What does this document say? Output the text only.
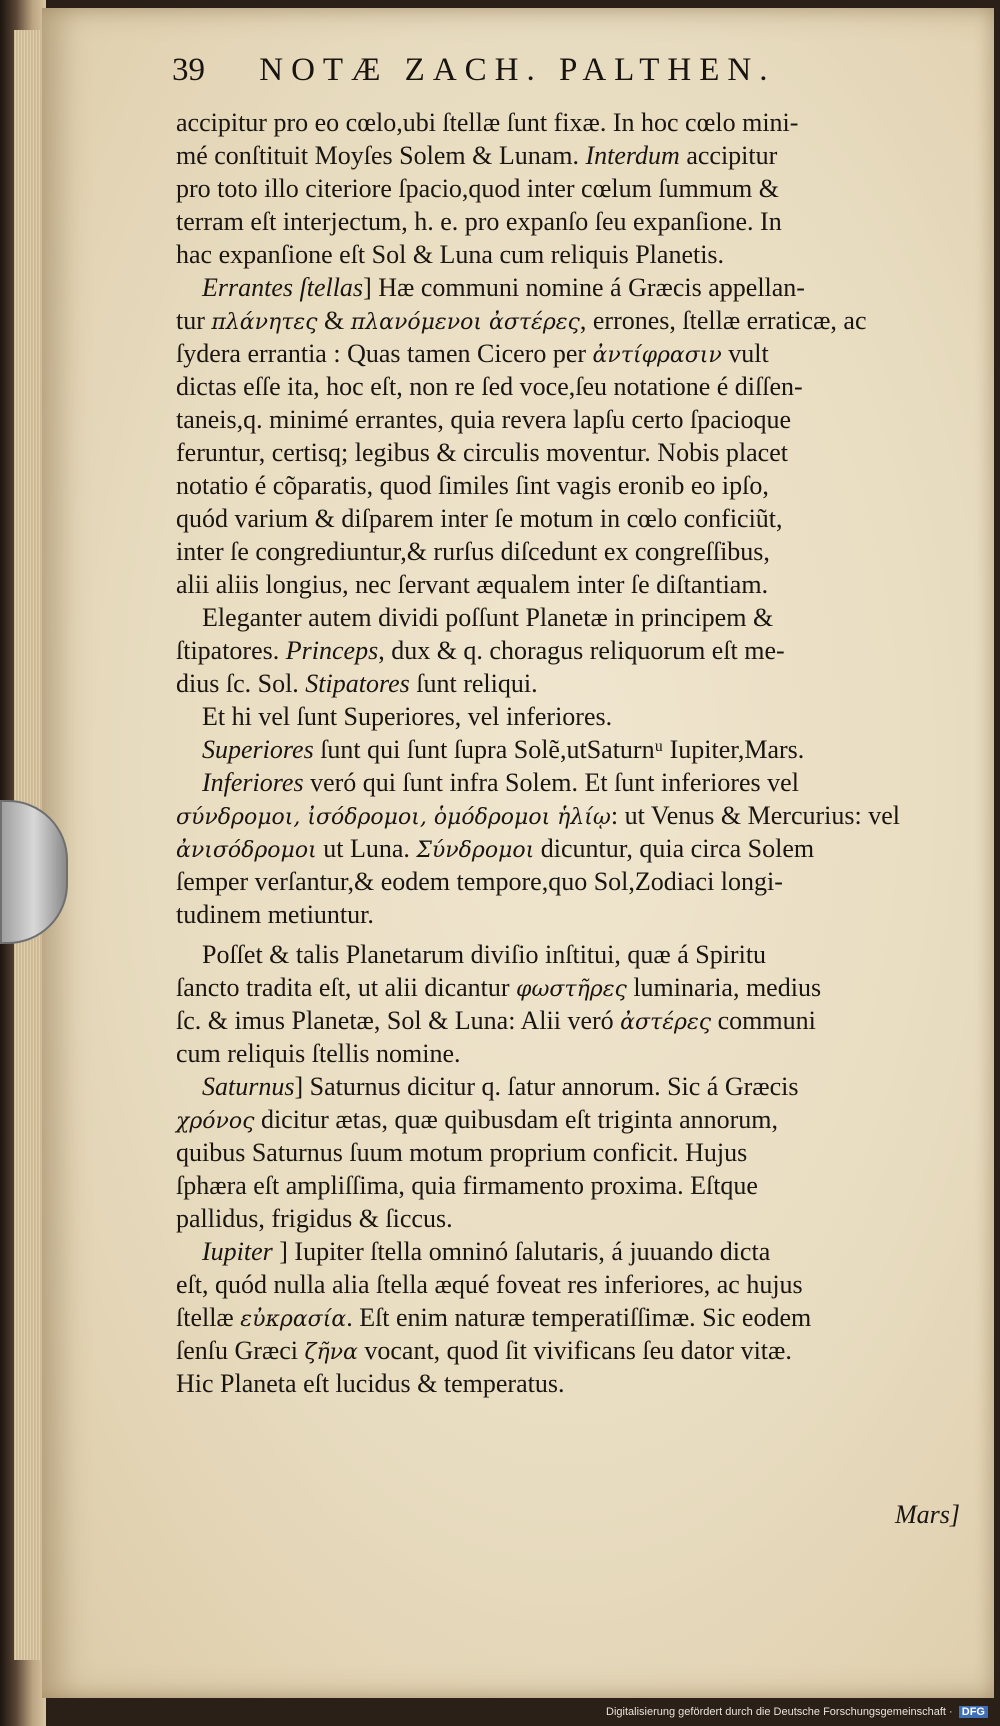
39 NOTÆ ZACH. PALTHEN.
accipitur pro eo cœlo,ubi ſtellæ ſunt fixæ. In hoc cœlo mini-
mé conſtituit Moyſes Solem & Lunam. Interdum accipitur
pro toto illo citeriore ſpacio,quod inter cœlum ſummum &
terram eſt interjectum, h. e. pro expanſo ſeu expanſione. In
hac expanſione eſt Sol & Luna cum reliquis Planetis.
Errantes ſtellas] Hæ communi nomine á Græcis appellan-
tur πλάνητες & πλανόμενοι ἀστέρες, errones, ſtellæ erraticæ, ac
ſydera errantia : Quas tamen Cicero per ἀντίφρασιν vult
dictas eſſe ita, hoc eſt, non re ſed voce,ſeu notatione é diſſen-
taneis,q. minimé errantes, quia revera lapſu certo ſpacioque
feruntur, certisq; legibus & circulis moventur. Nobis placet
notatio é cõparatis, quod ſimiles ſint vagis eronib eo ipſo,
quód varium & diſparem inter ſe motum in cœlo conficiũt,
inter ſe congrediuntur,& rurſus diſcedunt ex congreſſibus,
alii aliis longius, nec ſervant æqualem inter ſe diſtantiam.
Eleganter autem dividi poſſunt Planetæ in principem &
ſtipatores. Princeps, dux & q. choragus reliquorum eſt me-
dius ſc. Sol. Stipatores ſunt reliqui.
Et hi vel ſunt Superiores, vel inferiores.
Superiores ſunt qui ſunt ſupra Solẽ,utSaturnᵘ Iupiter,Mars.
Inferiores veró qui ſunt infra Solem. Et ſunt inferiores vel
σύνδρομοι, ἰσόδρομοι, ὁμόδρομοι ἡλίῳ: ut Venus & Mercurius: vel
ἀνισόδρομοι ut Luna. Σύνδρομοι dicuntur, quia circa Solem
ſemper verſantur,& eodem tempore,quo Sol,Zodiaci longi-
tudinem metiuntur.
Poſſet & talis Planetarum diviſio inſtitui, quæ á Spiritu
ſancto tradita eſt, ut alii dicantur φωστῆρες luminaria, medius
ſc. & imus Planetæ, Sol & Luna: Alii veró ἀστέρες communi
cum reliquis ſtellis nomine.
Saturnus] Saturnus dicitur q. ſatur annorum. Sic á Græcis
χρόνος dicitur ætas, quæ quibusdam eſt triginta annorum,
quibus Saturnus ſuum motum proprium conficit. Hujus
ſphæra eſt ampliſſima, quia firmamento proxima. Eſtque
pallidus, frigidus & ſiccus.
Iupiter ] Iupiter ſtella omninó ſalutaris, á juuando dicta
eſt, quód nulla alia ſtella æqué foveat res inferiores, ac hujus
ſtellæ εὐκρασία. Eſt enim naturæ temperatiſſimæ. Sic eodem
ſenſu Græci ζῆνα vocant, quod ſit vivificans ſeu dator vitæ.
Hic Planeta eſt lucidus & temperatus.
Mars]
Digitalisierung gefördert durch die Deutsche Forschungsgemeinschaft · DFG
